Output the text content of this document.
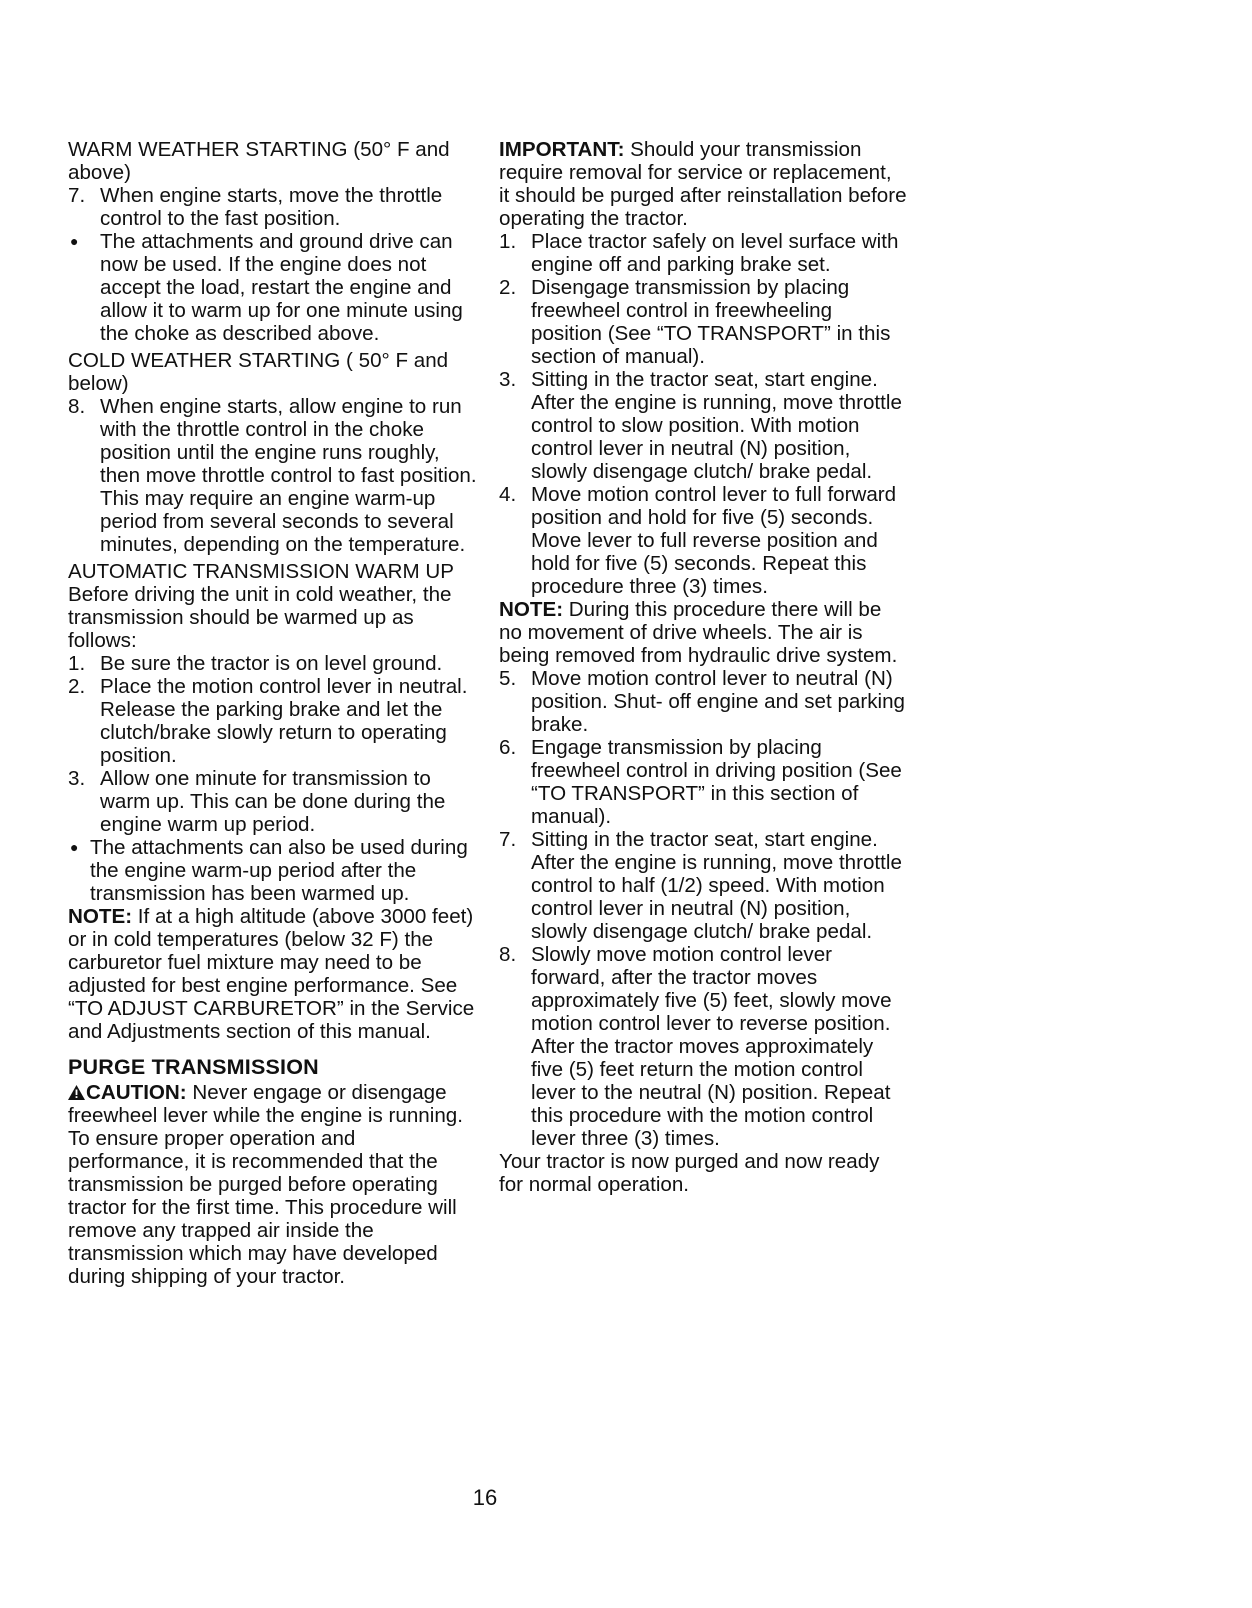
WARM WEATHER STARTING (50° F and above)

7. When engine starts, move the throttle control to the fast position.
● The attachments and ground drive can now be used. If the engine does not accept the load, restart the engine and allow it to warm up for one minute using the choke as described above.

COLD WEATHER STARTING ( 50° F and below)

8. When engine starts, allow engine to run with the throttle control in the choke position until the engine runs roughly, then move throttle control to fast position. This may require an engine warm-up period from several seconds to several minutes, depending on the temperature.

AUTOMATIC TRANSMISSION WARM UP

Before driving the unit in cold weather, the transmission should be warmed up as follows:

1. Be sure the tractor is on level ground.
2. Place the motion control lever in neutral. Release the parking brake and let the clutch/brake slowly return to operating position.
3. Allow one minute for transmission to warm up. This can be done during the engine warm up period.
● The attachments can also be used during the engine warm-up period after the transmission has been warmed up.

NOTE: If at a high altitude (above 3000 feet) or in cold temperatures (below 32 F) the carburetor fuel mixture may need to be adjusted for best engine performance. See “TO ADJUST CARBURETOR” in the Service and Adjustments section of this manual.

PURGE TRANSMISSION

CAUTION: Never engage or disengage freewheel lever while the engine is running.

To ensure proper operation and performance, it is recommended that the transmission be purged before operating tractor for the first time. This procedure will remove any trapped air inside the transmission which may have developed during shipping of your tractor.

IMPORTANT: Should your transmission require removal for service or replacement, it should be purged after reinstallation before operating the tractor.

1. Place tractor safely on level surface with engine off and parking brake set.
2. Disengage transmission by placing freewheel control in freewheeling position (See “TO TRANSPORT” in this section of manual).
3. Sitting in the tractor seat, start engine. After the engine is running, move throttle control to slow position. With motion control lever in neutral (N) position, slowly disengage clutch/ brake pedal.
4. Move motion control lever to full forward position and hold for five (5) seconds. Move lever to full reverse position and hold for five (5) seconds. Repeat this procedure three (3) times.

NOTE: During this procedure there will be no movement of drive wheels. The air is being removed from hydraulic drive system.

5. Move motion control lever to neutral (N) position. Shut- off engine and set parking brake.
6. Engage transmission by placing freewheel control in driving position (See “TO TRANSPORT” in this section of manual).
7. Sitting in the tractor seat, start engine. After the engine is running, move throttle control to half (1/2) speed. With motion control lever in neutral (N) position, slowly disengage clutch/ brake pedal.
8. Slowly move motion control lever forward, after the tractor moves approximately five (5) feet, slowly move motion control lever to reverse position. After the tractor moves approximately five (5) feet return the motion control lever to the neutral (N) position. Repeat this procedure with the motion control lever three (3) times.

Your tractor is now purged and now ready for normal operation.

16
